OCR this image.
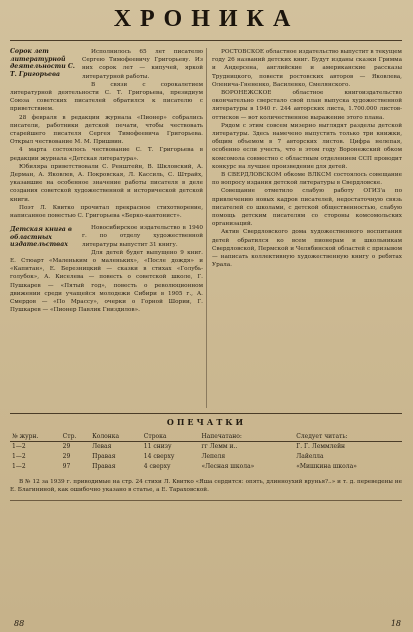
ХРОНИКА
Сорок лет литературной деятельности С. Т. Григорьева

Исполнилось 65 лет писателю Сергею Тимофеевичу Григорьеву. Из них сорок лет — кипучей, яркой литературной работы.

В связи с сорокалетием литературной деятельности С. Т. Григорьева, президиум Союза советских писателей обратился к писателю с приветствием.

28 февраля в редакции журнала «Пионер» собрались писатели, работники детской печати, чтобы чествовать старейшего писателя Сергея Тимофеевича Григорьева. Открыл чествование М. М. Пришвин.

4 марта состоялось чествование С. Т. Григорьева в редакции журнала «Детская литература».

Юбиляра приветствовали С. Ренштейн, В. Шкловский, А. Дерман, А. Яковлев, А. Покровская, Л. Кассиль, С. Штрайх, указавшие на особенное значение работы писателя в деле создания советской художественной и исторической детской книги.

Поэт Л. Квитко прочитал прекрасное стихотворение, написанное повестью С. Григорьева «Берко-кантонист».

Детская книга в областных издательствах

Новосибирское издательство в 1940 г. по отделу художественной литературы выпустит 31 книгу.

Для детей будет выпущено 9 книг. Е. Стюарт «Маленьким о маленьких», «После дождя» и «Капитан», Е. Березницкий — сказки в стихах «Голубь-голубок», А. Киселева — повесть о советской школе, Г. Пушкарев — «Пятый год», повесть о революционном движении среди учащейся молодежи Сибири в 1905 г., А. Смердов — «По Мрассу», очерки о Горной Шории, Г. Пушкарев — «Пионер Павлик Гниздилов».

РОСТОВСКОЕ областное издательство выпустит в текущем году 26 названий детских книг. Будут изданы сказки Гримма и Андерсена, английские и американские рассказы Трудницкого, повести ростовских авторов — Яковлева, Оленича-Гнененко, Василенко, Смелянского.

ВОРОНЕЖСКОЕ областное книгоиздательство окончательно сверстало свой план выпуска художественной литературы в 1940 г. 244 авторских листа, 1.700.000 листов-оттисков — вот количественное выражение этого плана.

Рядом с этим совсем мизерно выглядят разделы детской литературы. Здесь намечено выпустить только три книжки, общим объемом в 7 авторских листов. Цифра нелепая, особенно если учесть, что в этом году Воронежский обком комсомола совместно с областным отделением ССП проводит конкурс на лучшее произведение для детей.

В СВЕРДЛОВСКОМ обкоме ВЛКСМ состоялось совещание по вопросу издания детской литературы в Свердловске.

Совещание отметило слабую работу ОГИЗ'а по привлечению новых кадров писателей, недостаточную связь писателей со школами, с детской общественностью, слабую помощь детским писателям со стороны комсомольских организаций.

Актив Свердловского дома художественного воспитания детей обратился ко всем пионерам и школьникам Свердловской, Пермской и Челябинской областей с призывом — написать коллективную художественную книгу о ребятах Урала.

ОПЕЧАТКИ
№ журн.	Стр.	Колонка	Строка	Напечатано:	Следует читать:
1—2	29	Левая	11 снизу	гг Лемм и..	Г. Г. Леммлейн
1—2	29	Правая	14 сверху	Лепеля	Лайелла
1—2	97	Правая	4 сверху	«Лесная школа»	«Мишкина школа»

В № 12 за 1939 г. приводимые на стр. 24 стихи Л. Квитко «Яша сердится: опять, длинноухий врунья?..» и т. д. переведены не Е. Благининой, как ошибочно указано в статье, а Е. Тараховской.

88	18
